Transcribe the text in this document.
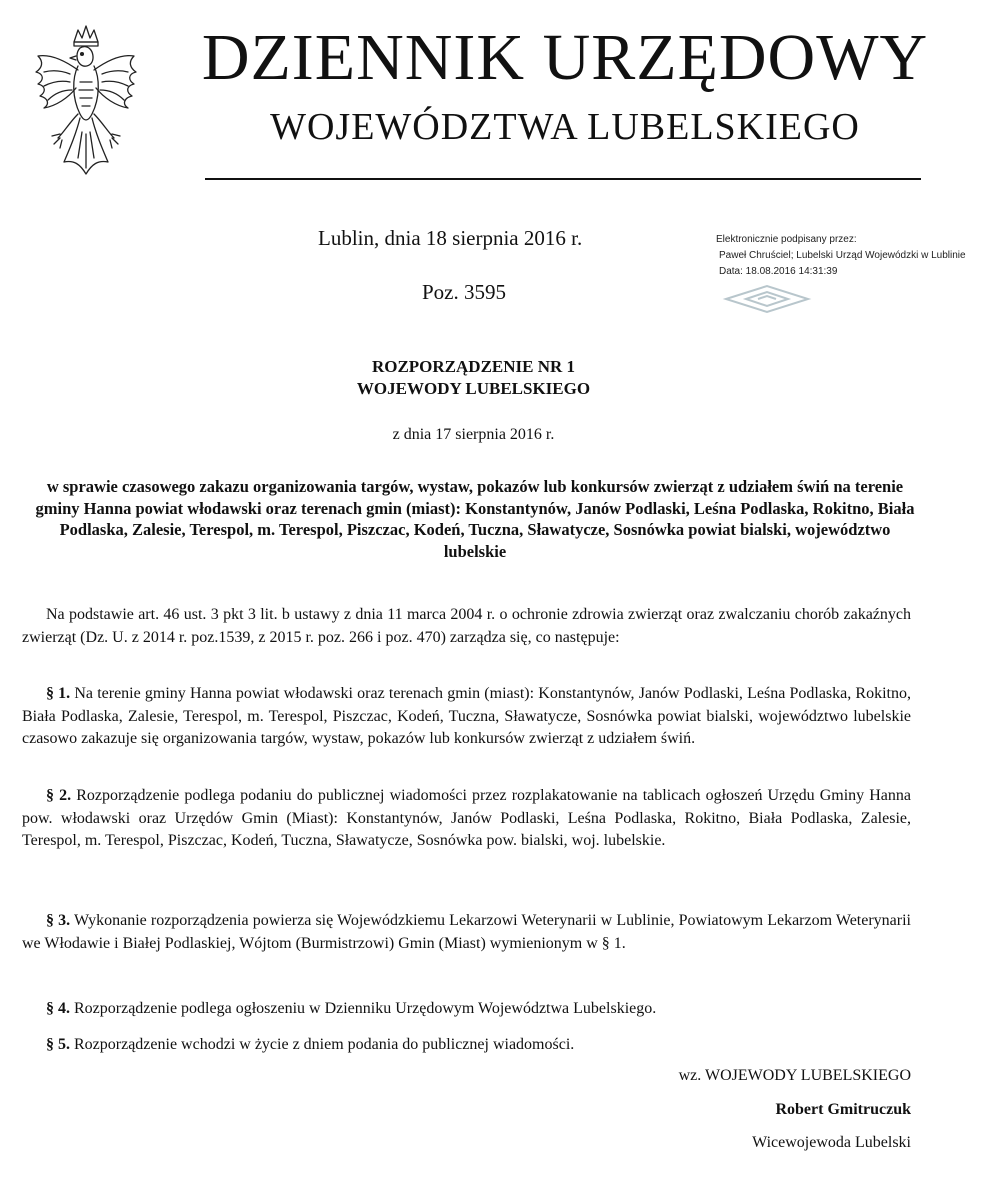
DZIENNIK URZĘDOWY
WOJEWÓDZTWA LUBELSKIEGO
Lublin, dnia 18 sierpnia 2016 r.
Poz. 3595
Elektronicznie podpisany przez:
Paweł Chruściel; Lubelski Urząd Wojewódzki w Lublinie
Data: 18.08.2016 14:31:39
ROZPORZĄDZENIE NR 1
WOJEWODY LUBELSKIEGO
z dnia 17 sierpnia 2016 r.
w sprawie czasowego zakazu organizowania targów, wystaw, pokazów lub konkursów zwierząt z udziałem świń na terenie gminy Hanna powiat włodawski oraz terenach gmin (miast): Konstantynów, Janów Podlaski, Leśna Podlaska, Rokitno, Biała Podlaska, Zalesie, Terespol, m. Terespol, Piszczac, Kodeń, Tuczna, Sławatycze, Sosnówka powiat bialski, województwo lubelskie
Na podstawie art. 46 ust. 3 pkt 3 lit. b ustawy z dnia 11 marca 2004 r. o ochronie zdrowia zwierząt oraz zwalczaniu chorób zakaźnych zwierząt (Dz. U. z 2014 r. poz.1539, z 2015 r. poz. 266 i poz. 470) zarządza się, co następuje:
§ 1. Na terenie gminy Hanna powiat włodawski oraz terenach gmin (miast): Konstantynów, Janów Podlaski, Leśna Podlaska, Rokitno, Biała Podlaska, Zalesie, Terespol, m. Terespol, Piszczac, Kodeń, Tuczna, Sławatycze, Sosnówka powiat bialski, województwo lubelskie czasowo zakazuje się organizowania targów, wystaw, pokazów lub konkursów zwierząt z udziałem świń.
§ 2. Rozporządzenie podlega podaniu do publicznej wiadomości przez rozplakatowanie na tablicach ogłoszeń Urzędu Gminy Hanna pow. włodawski oraz Urzędów Gmin (Miast): Konstantynów, Janów Podlaski, Leśna Podlaska, Rokitno, Biała Podlaska, Zalesie, Terespol, m. Terespol, Piszczac, Kodeń, Tuczna, Sławatycze, Sosnówka pow. bialski, woj. lubelskie.
§ 3. Wykonanie rozporządzenia powierza się Wojewódzkiemu Lekarzowi Weterynarii w Lublinie, Powiatowym Lekarzom Weterynarii we Włodawie i Białej Podlaskiej, Wójtom (Burmistrzowi) Gmin (Miast) wymienionym w § 1.
§ 4. Rozporządzenie podlega ogłoszeniu w Dzienniku Urzędowym Województwa Lubelskiego.
§ 5. Rozporządzenie wchodzi w życie z dniem podania do publicznej wiadomości.
wz. WOJEWODY LUBELSKIEGO
Robert Gmitruczuk
Wicewojewoda Lubelski
